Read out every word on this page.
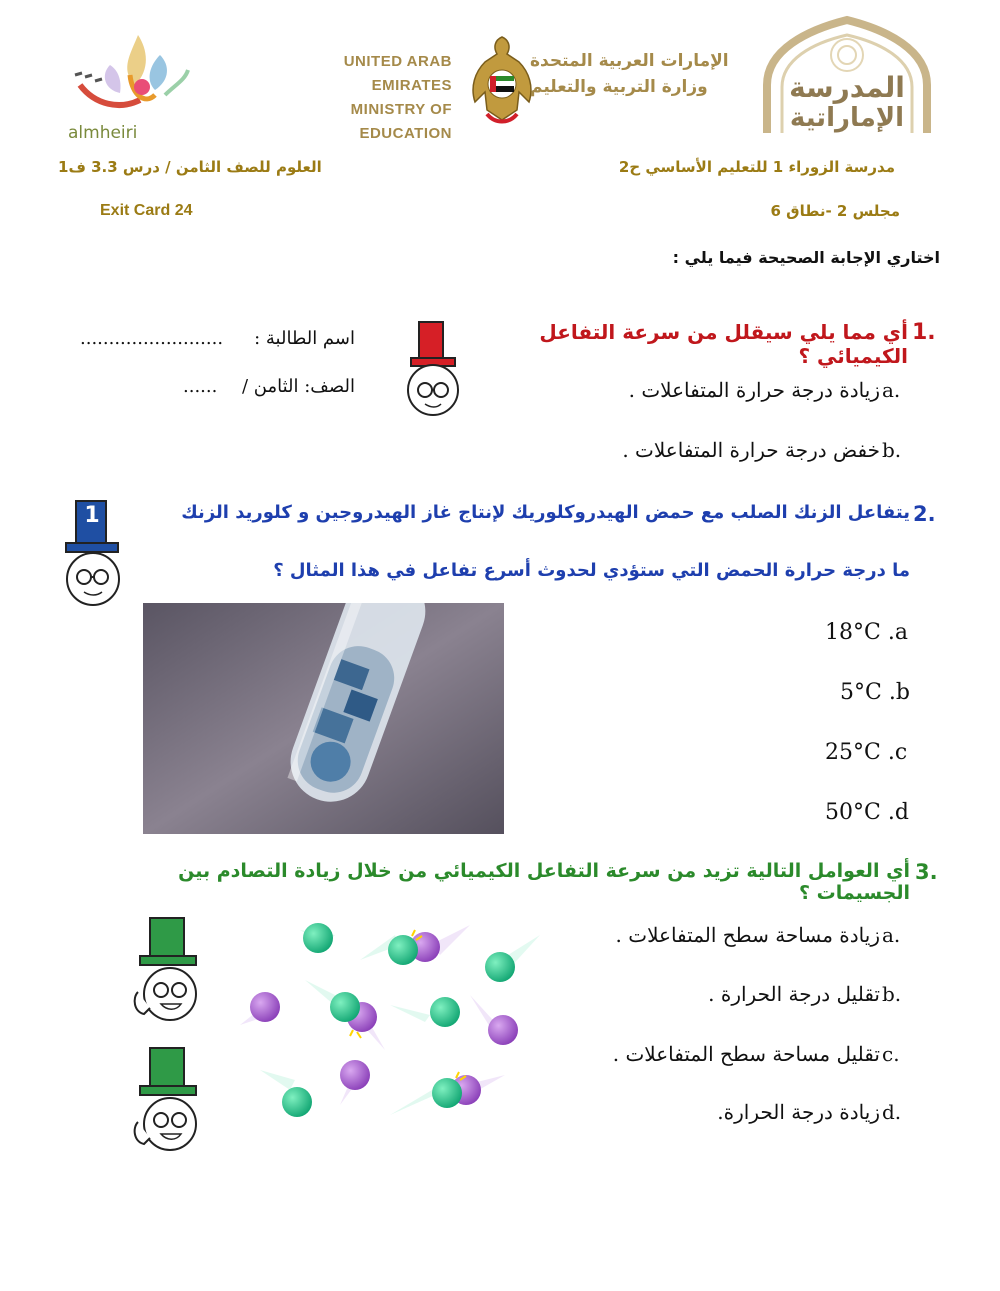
almheiri
UNITED ARAB EMIRATES
MINISTRY OF EDUCATION
الإمارات العربية المتحدة
وزارة التربية والتعليم	المدرسة
الإماراتية
العلوم للصف الثامن / درس 3.3 ف1	مدرسة الزوراء 1 للتعليم الأساسي ح2
Exit Card 24	مجلس 2 -نطاق 6
اختاري الإجابة الصحيحة فيما يلي :
......................... اسم الطالبة :
......	الصف: الثامن /
1.
أي مما يلي سيقلل من سرعة التفاعل الكيميائي ؟
a.
زيادة درجة حرارة المتفاعلات .
b.
خفض درجة حرارة المتفاعلات .
1	2.
يتفاعل الزنك الصلب مع حمض الهيدروكلوريك لإنتاج غاز الهيدروجين و كلوريد الزنك
ما درجة حرارة الحمض التي ستؤدي لحدوث أسرع تفاعل في هذا المثال ؟
18°C .a
5°C .b
25°C .c
50°C .d
3.
أي العوامل التالية تزيد من سرعة التفاعل الكيميائي من خلال زيادة التصادم بين الجسيمات ؟
a.
زيادة مساحة سطح المتفاعلات .
b.
تقليل درجة الحرارة .
c.
تقليل مساحة سطح المتفاعلات .
d.
زيادة درجة الحرارة.
